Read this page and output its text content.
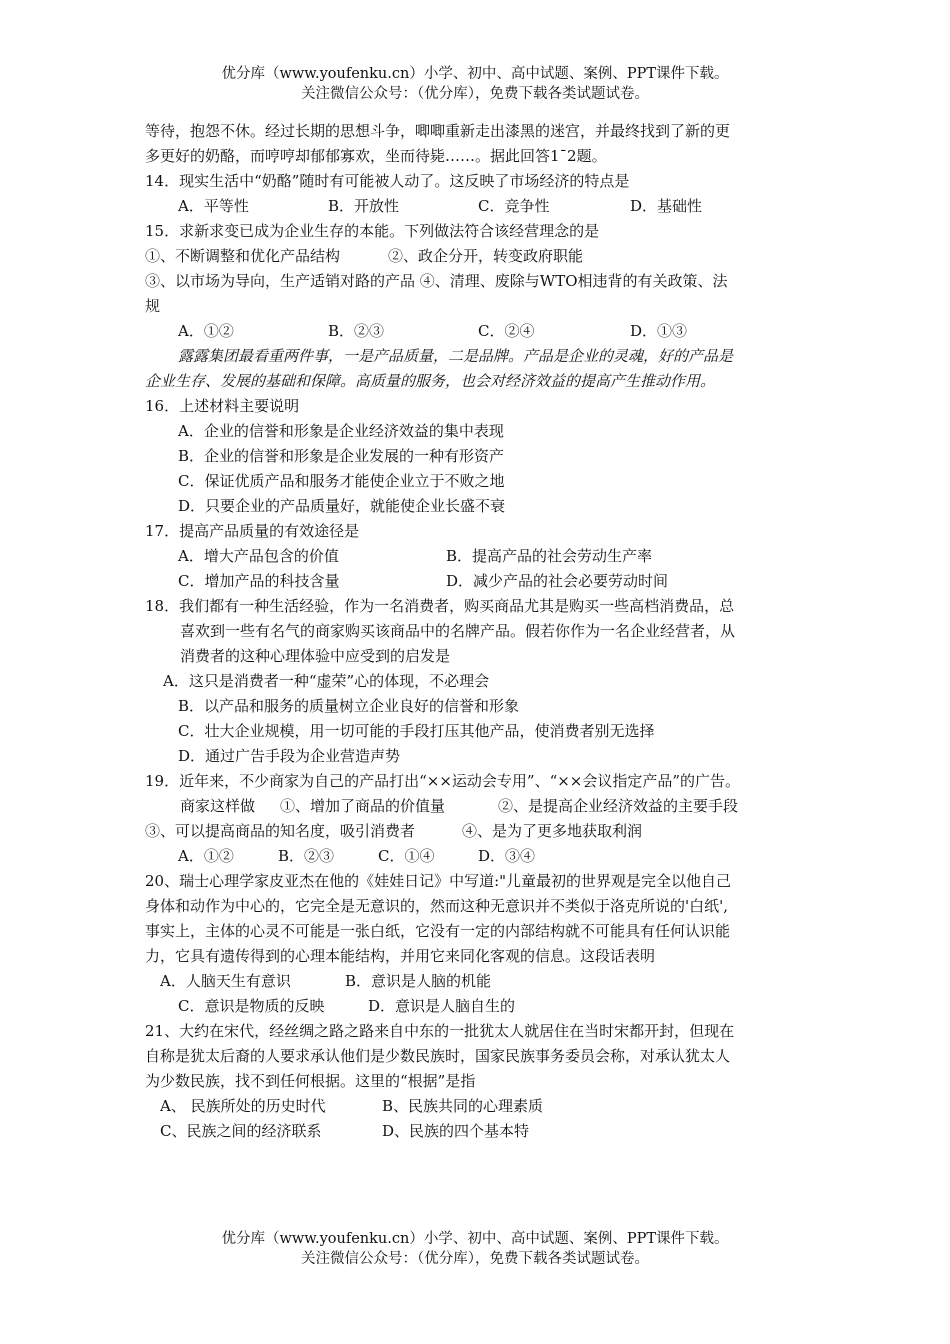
优分库（www.youfenku.cn）小学、初中、高中试题、案例、PPT课件下载。
关注微信公众号：（优分库），免费下载各类试题试卷。
等待，抱怨不休。经过长期的思想斗争，唧唧重新走出漆黑的迷宫，并最终找到了新的更
多更好的奶酪，而哼哼却郁郁寡欢，坐而待毙……。据此回答1¯2题。
14．现实生活中“奶酪”随时有可能被人动了。这反映了市场经济的特点是
A．平等性	B．开放性	C．竞争性	D．基础性
15．求新求变已成为企业生存的本能。下列做法符合该经营理念的是
①、不断调整和优化产品结构	②、政企分开，转变政府职能
③、以市场为导向，生产适销对路的产品 ④、清理、废除与WTO相违背的有关政策、法
规
A．①②	B．②③	C．②④	D．①③
露露集团最看重两件事，一是产品质量，二是品牌。产品是企业的灵魂，好的产品是
企业生存、发展的基础和保障。高质量的服务，也会对经济效益的提高产生推动作用。
16．上述材料主要说明
A．企业的信誉和形象是企业经济效益的集中表现
B．企业的信誉和形象是企业发展的一种有形资产
C．保证优质产品和服务才能使企业立于不败之地
D．只要企业的产品质量好，就能使企业长盛不衰
17．提高产品质量的有效途径是
A．增大产品包含的价值	B．提高产品的社会劳动生产率
C．增加产品的科技含量	D．减少产品的社会必要劳动时间
18．我们都有一种生活经验，作为一名消费者，购买商品尤其是购买一些高档消费品，总
喜欢到一些有名气的商家购买该商品中的名牌产品。假若你作为一名企业经营者，从
消费者的这种心理体验中应受到的启发是
A．这只是消费者一种“虚荣”心的体现，不必理会
B．以产品和服务的质量树立企业良好的信誉和形象
C．壮大企业规模，用一切可能的手段打压其他产品，使消费者别无选择
D．通过广告手段为企业营造声势
19．近年来，不少商家为自己的产品打出“××运动会专用”、“××会议指定产品”的广告。
商家这样做 ①、增加了商品的价值量	②、是提高企业经济效益的主要手段
③、可以提高商品的知名度，吸引消费者	④、是为了更多地获取利润
A．①②	B．②③	C．①④	D．③④
20、瑞士心理学家皮亚杰在他的《娃娃日记》中写道:"儿童最初的世界观是完全以他自己
身体和动作为中心的，它完全是无意识的，然而这种无意识并不类似于洛克所说的'白纸',
事实上，主体的心灵不可能是一张白纸，它没有一定的内部结构就不可能具有任何认识能
力，它具有遗传得到的心理本能结构，并用它来同化客观的信息。这段话表明
A．人脑天生有意识	B．意识是人脑的机能
C．意识是物质的反映	D．意识是人脑自生的
21、大约在宋代，经丝绸之路之路来自中东的一批犹太人就居住在当时宋都开封，但现在
自称是犹太后裔的人要求承认他们是少数民族时，国家民族事务委员会称，对承认犹太人
为少数民族，找不到任何根据。这里的“根据”是指
A、 民族所处的历史时代	B、民族共同的心理素质
C、民族之间的经济联系	D、民族的四个基本特
优分库（www.youfenku.cn）小学、初中、高中试题、案例、PPT课件下载。
关注微信公众号：（优分库），免费下载各类试题试卷。
